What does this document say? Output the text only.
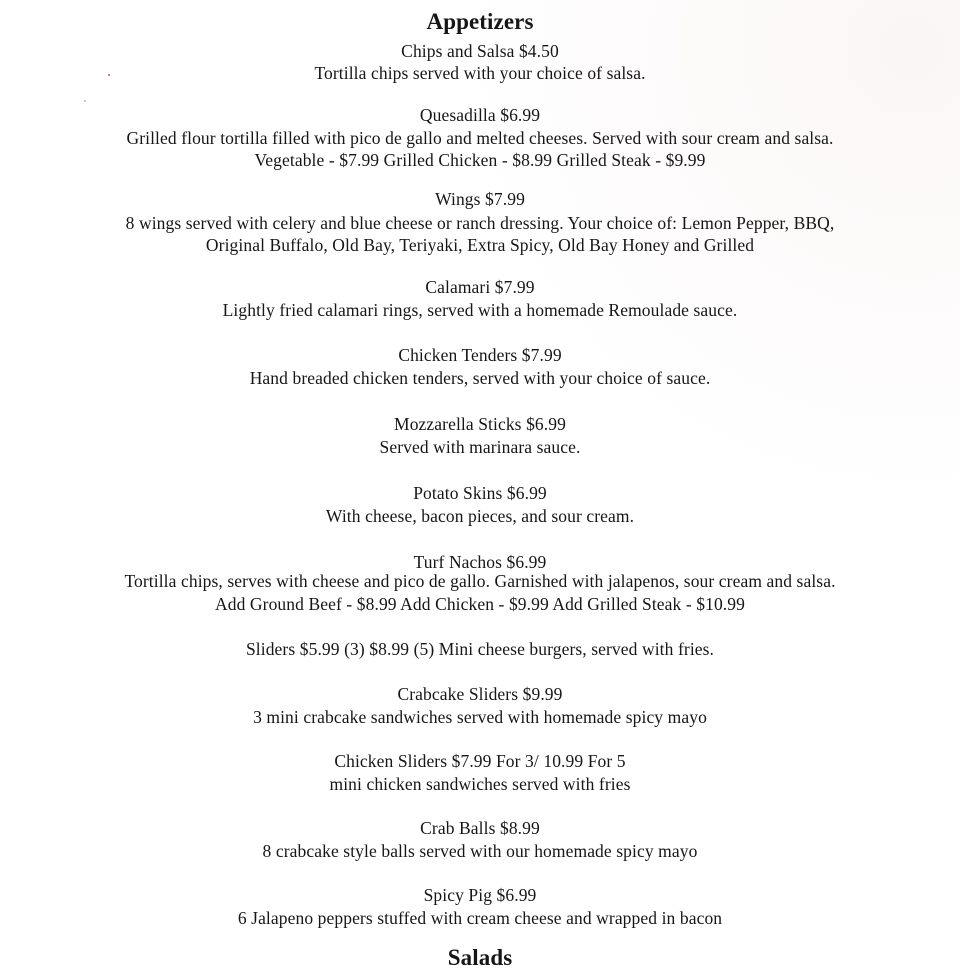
Appetizers
Chips and Salsa $4.50
Tortilla chips served with your choice of salsa.
Quesadilla $6.99
Grilled flour tortilla filled with pico de gallo and melted cheeses. Served with sour cream and salsa.
Vegetable - $7.99 Grilled Chicken - $8.99 Grilled Steak - $9.99
Wings $7.99
8 wings served with celery and blue cheese or ranch dressing. Your choice of: Lemon Pepper, BBQ,
Original Buffalo, Old Bay, Teriyaki, Extra Spicy, Old Bay Honey and Grilled
Calamari $7.99
Lightly fried calamari rings, served with a homemade Remoulade sauce.
Chicken Tenders $7.99
Hand breaded chicken tenders, served with your choice of sauce.
Mozzarella Sticks $6.99
Served with marinara sauce.
Potato Skins $6.99
With cheese, bacon pieces, and sour cream.
Turf Nachos $6.99
Tortilla chips, serves with cheese and pico de gallo. Garnished with jalapenos, sour cream and salsa.
Add Ground Beef - $8.99 Add Chicken - $9.99 Add Grilled Steak - $10.99
Sliders $5.99 (3) $8.99 (5) Mini cheese burgers, served with fries.
Crabcake Sliders $9.99
3 mini crabcake sandwiches served with homemade spicy mayo
Chicken Sliders $7.99 For 3/ 10.99 For 5
mini chicken sandwiches served with fries
Crab Balls $8.99
8 crabcake style balls served with our homemade spicy mayo
Spicy Pig $6.99
6 Jalapeno peppers stuffed with cream cheese and wrapped in bacon
Salads
